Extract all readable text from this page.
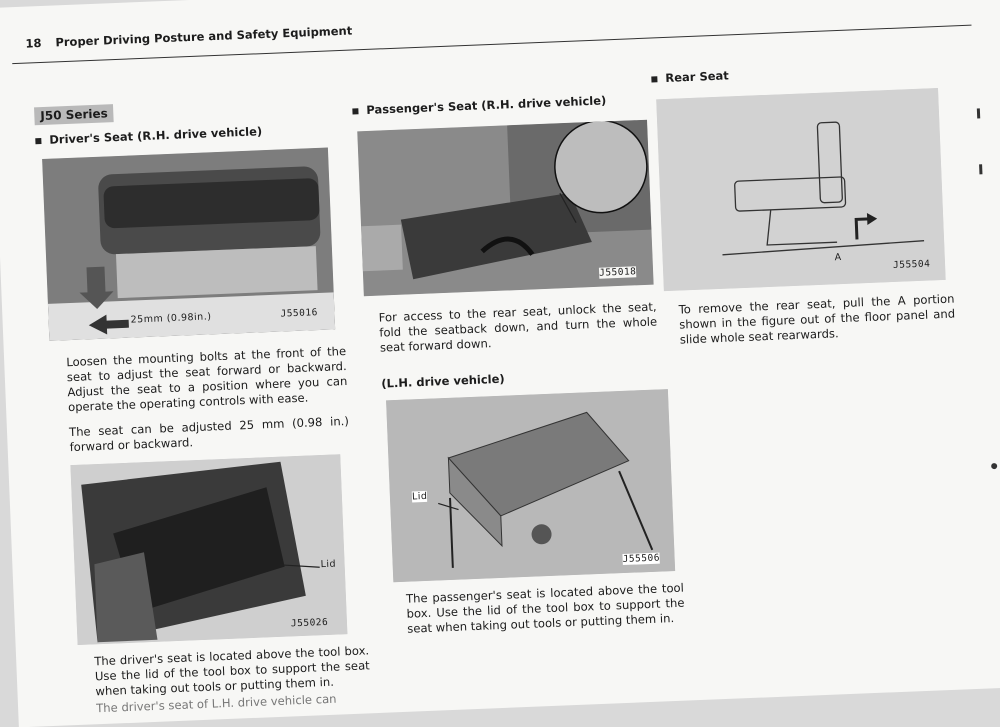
18 Proper Driving Posture and Safety Equipment
J50 Series
Driver's Seat (R.H. drive vehicle)
25mm (0.98in.)	J55016
Loosen the mounting bolts at the front of the seat to adjust the seat forward or backward. Adjust the seat to a position where you can operate the operating controls with ease.
The seat can be adjusted 25 mm (0.98 in.) forward or backward.
Lid
J55026
The driver's seat is located above the tool box. Use the lid of the tool box to support the seat when taking out tools or putting them in.
The driver's seat of L.H. drive vehicle can
Passenger's Seat (R.H. drive vehicle)
J55018
For access to the rear seat, unlock the seat, fold the seatback down, and turn the whole seat forward down.
(L.H. drive vehicle)
Lid
J55506
The passenger's seat is located above the tool box. Use the lid of the tool box to support the seat when taking out tools or putting them in.
Rear Seat
A
J55504
To remove the rear seat, pull the A portion shown in the figure out of the floor panel and slide whole seat rearwards.
